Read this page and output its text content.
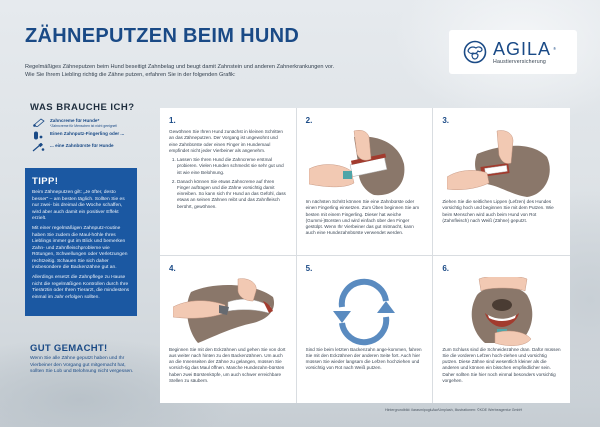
ZÄHNEPUTZEN BEIM HUND
Regelmäßiges Zähneputzen beim Hund beseitigt Zahnbelag und beugt damit Zahnstein und anderen Zahnerkrankungen vor.
Wie Sie Ihrem Liebling richtig die Zähne putzen, erfahren Sie in der folgenden Grafik:
AGILA ®
Haustierversicherung
WAS BRAUCHE ICH?
Zahncreme für Hunde*
*Zahncreme für Menschen ist nicht geeignet!
Einen Zahnputz-Fingerling oder ...
... eine Zahnbürste für Hunde
TIPP!

Beim Zähneputzen gilt: „Je öfter, desto besser“ – am besten täglich. Sollten Sie es nur zwei- bis dreimal die Woche schaffen, wird aber auch damit ein positiver Effekt erzielt.

Mit einer regelmäßigen Zahnputz-routine haben Sie zudem die Maul-höhle Ihres Lieblings immer gut im Blick und bemerken Zahn- und Zahnfleischprobleme wie Rötungen, Schwellungen oder Verletzungen rechtzeitig. Schauen Sie sich daher insbesondere die Backenzähne gut an.

Allerdings ersetzt die Zahnpflege zu Hause nicht die regelmäßigen Kontrollen durch Ihre Tierärztin oder Ihren Tierarzt, die mindestens einmal im Jahr erfolgen sollten.

GUT GEMACHT!

Wenn Sie alle Zähne geputzt haben und Ihr Vierbeiner den Vorgang gut mitgemacht hat, sollten Sie Lob und Belohnung nicht vergessen.

1.

Gewöhnen Sie Ihren Hund zunächst in kleinen Schritten an das Zähneputzen. Der Vorgang ist ungewohnt und eine Zahnbürste oder einen Finger im Hundemaul empfindet nicht jeder Vierbeiner als angenehm.

1. Lassen Sie Ihren Hund die Zahncreme erstmal probieren. Vielen Hunden schmeckt sie sehr gut und ist wie eine Belohnung.
2. Danach können Sie etwas Zahncreme auf Ihren Finger auftragen und die Zähne vorsichtig damit einreiben. So kann sich Ihr Hund an das Gefühl, dass etwas an seinen Zähnen reibt und das Zahnfleisch berührt, gewöhnen.
2.

Im nächsten Schritt können Sie eine Zahnbürste oder einen Fingerling einsetzen. Zum Üben beginnen Sie am besten mit einem Fingerling. Dieser hat weiche (Gummi-)Borsten und wird einfach über den Finger gestülpt. Wenn Ihr Vierbeiner das gut mitmacht, kann auch eine Hundezahnbürste verwendet werden.

3.

Ziehen Sie die seitlichen Lippen (Lefzen) des Hundes vorsichtig hoch und beginnen Sie mit dem Putzen. Wie beim Menschen wird auch beim Hund von Rot (Zahnfleisch) nach Weiß (Zähne) geputzt.

4.

Beginnen Sie mit den Eckzähnen und gehen Sie von dort aus weiter nach hinten zu den Backenzähnen. Um auch an die Innenseiten der Zähne zu gelangen, müssen Sie vorsich-tig das Maul öffnen. Manche Hundezahn-bürsten haben zwei Bürstenköpfe, um auch schwer erreichbare Stellen zu säubern.

5.

Sind Sie beim letzten Backenzahn ange-kommen, fahren Sie mit den Eckzähnen der anderen Seite fort. Auch hier müssen Sie wieder langsam die Lefzen hochziehen und vorsichtig von Rot nach Weiß putzen.

6.

Zum Schluss sind die Schneidezähne dran. Dafür müssen Sie die vorderen Lefzen hoch-ziehen und vorsichtig putzen. Diese Zähne sind wesentlich kleiner als die anderen und können ein bisschen empfindlicher sein. Daher sollten Sie hier noch einmal besonders vorsichtig vorgehen.

Hintergrundbild: ilarasmipogluAw/Umplash, Illustrationen: ©KDE Werbeagentur GmbH
